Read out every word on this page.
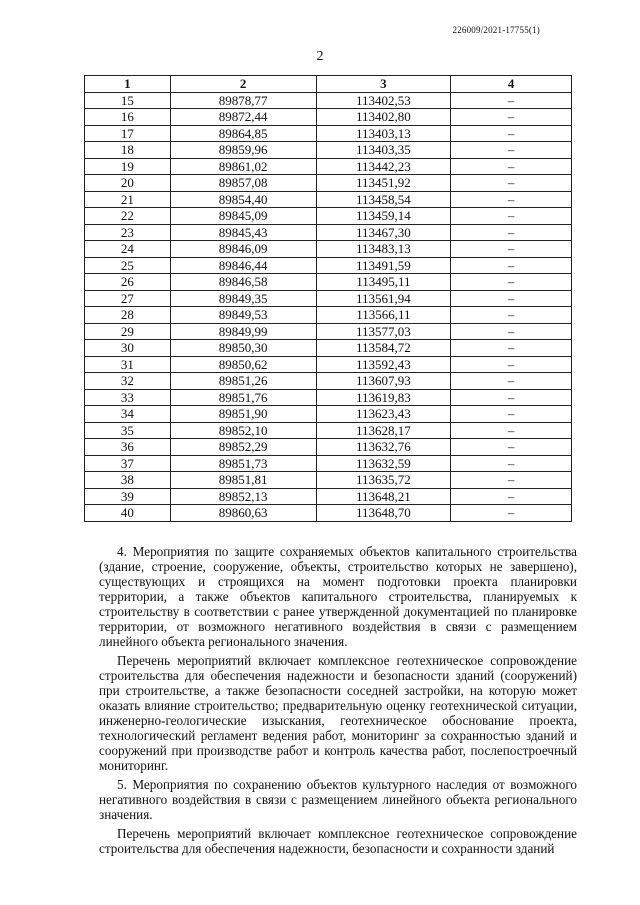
226009/2021-17755(1)
2
1	2	3	4
15	89878,77	113402,53	–
16	89872,44	113402,80	–
17	89864,85	113403,13	–
18	89859,96	113403,35	–
19	89861,02	113442,23	–
20	89857,08	113451,92	–
21	89854,40	113458,54	–
22	89845,09	113459,14	–
23	89845,43	113467,30	–
24	89846,09	113483,13	–
25	89846,44	113491,59	–
26	89846,58	113495,11	–
27	89849,35	113561,94	–
28	89849,53	113566,11	–
29	89849,99	113577,03	–
30	89850,30	113584,72	–
31	89850,62	113592,43	–
32	89851,26	113607,93	–
33	89851,76	113619,83	–
34	89851,90	113623,43	–
35	89852,10	113628,17	–
36	89852,29	113632,76	–
37	89851,73	113632,59	–
38	89851,81	113635,72	–
39	89852,13	113648,21	–
40	89860,63	113648,70	–

4. Мероприятия по защите сохраняемых объектов капитального строительства (здание, строение, сооружение, объекты, строительство которых не завершено), существующих и строящихся на момент подготовки проекта планировки территории, а также объектов капитального строительства, планируемых к строительству в соответствии с ранее утвержденной документацией по планировке территории, от возможного негативного воздействия в связи с размещением линейного объекта регионального значения.

Перечень мероприятий включает комплексное геотехническое сопровождение строительства для обеспечения надежности и безопасности зданий (сооружений) при строительстве, а также безопасности соседней застройки, на которую может оказать влияние строительство; предварительную оценку геотехнической ситуации, инженерно-геологические изыскания, геотехническое обоснование проекта, технологический регламент ведения работ, мониторинг за сохранностью зданий и сооружений при производстве работ и контроль качества работ, послепостроечный мониторинг.

5. Мероприятия по сохранению объектов культурного наследия от возможного негативного воздействия в связи с размещением линейного объекта регионального значения.

Перечень мероприятий включает комплексное геотехническое сопровождение строительства для обеспечения надежности, безопасности и сохранности зданий
